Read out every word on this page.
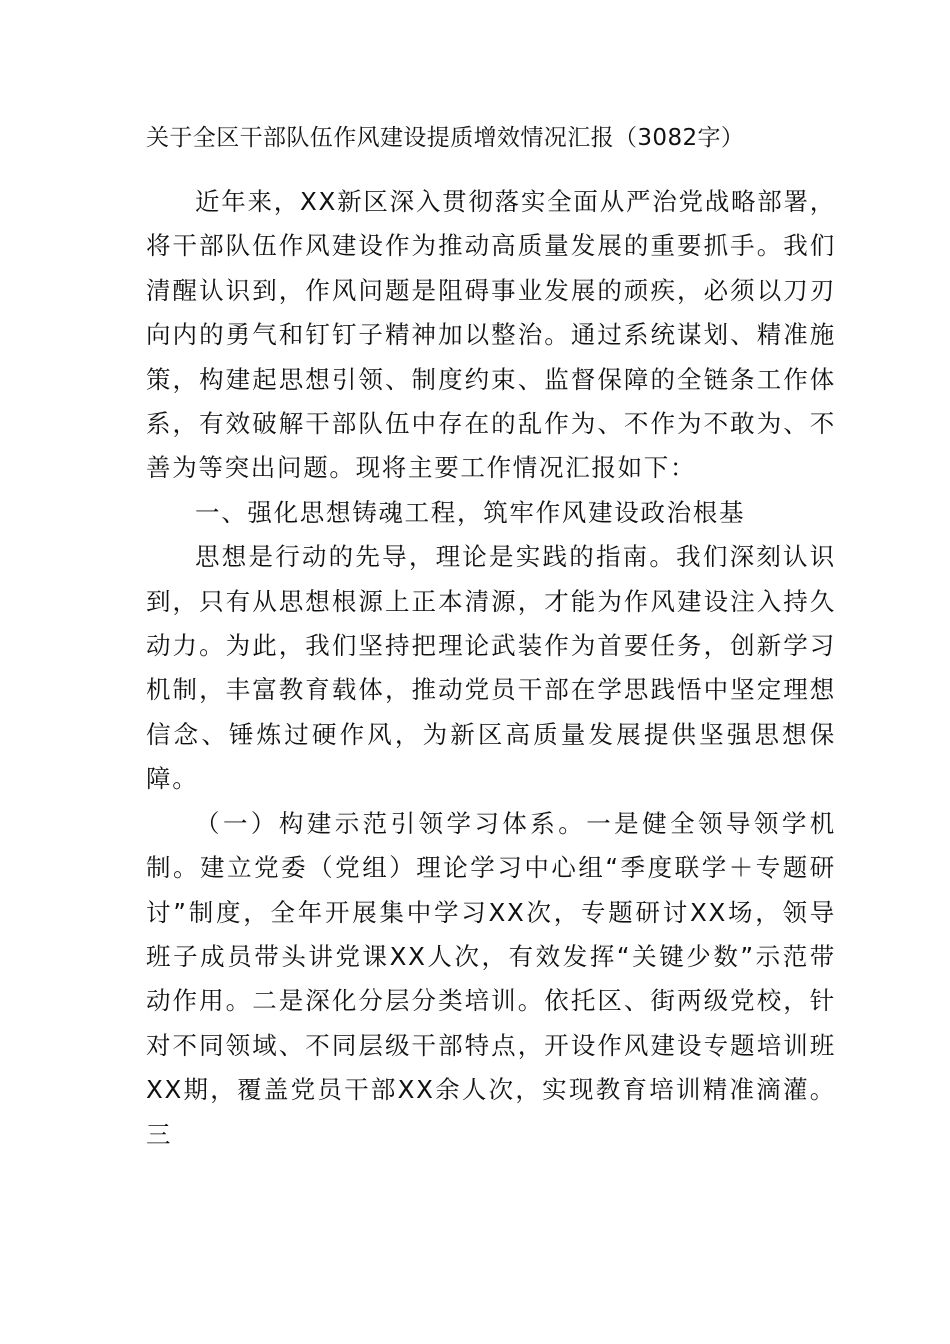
关于全区干部队伍作风建设提质增效情况汇报（3082字）

近年来，XX新区深入贯彻落实全面从严治党战略部署，将干部队伍作风建设作为推动高质量发展的重要抓手。我们清醒认识到，作风问题是阻碍事业发展的顽疾，必须以刀刃向内的勇气和钉钉子精神加以整治。通过系统谋划、精准施策，构建起思想引领、制度约束、监督保障的全链条工作体系，有效破解干部队伍中存在的乱作为、不作为不敢为、不善为等突出问题。现将主要工作情况汇报如下：

一、强化思想铸魂工程，筑牢作风建设政治根基

思想是行动的先导，理论是实践的指南。我们深刻认识到，只有从思想根源上正本清源，才能为作风建设注入持久动力。为此，我们坚持把理论武装作为首要任务，创新学习机制，丰富教育载体，推动党员干部在学思践悟中坚定理想信念、锤炼过硬作风，为新区高质量发展提供坚强思想保障。

（一）构建示范引领学习体系。一是健全领导领学机制。建立党委（党组）理论学习中心组“季度联学＋专题研讨”制度，全年开展集中学习XX次，专题研讨XX场，领导班子成员带头讲党课XX人次，有效发挥“关键少数”示范带动作用。二是深化分层分类培训。依托区、街两级党校，针对不同领域、不同层级干部特点，开设作风建设专题培训班XX期，覆盖党员干部XX余人次，实现教育培训精准滴灌。三
